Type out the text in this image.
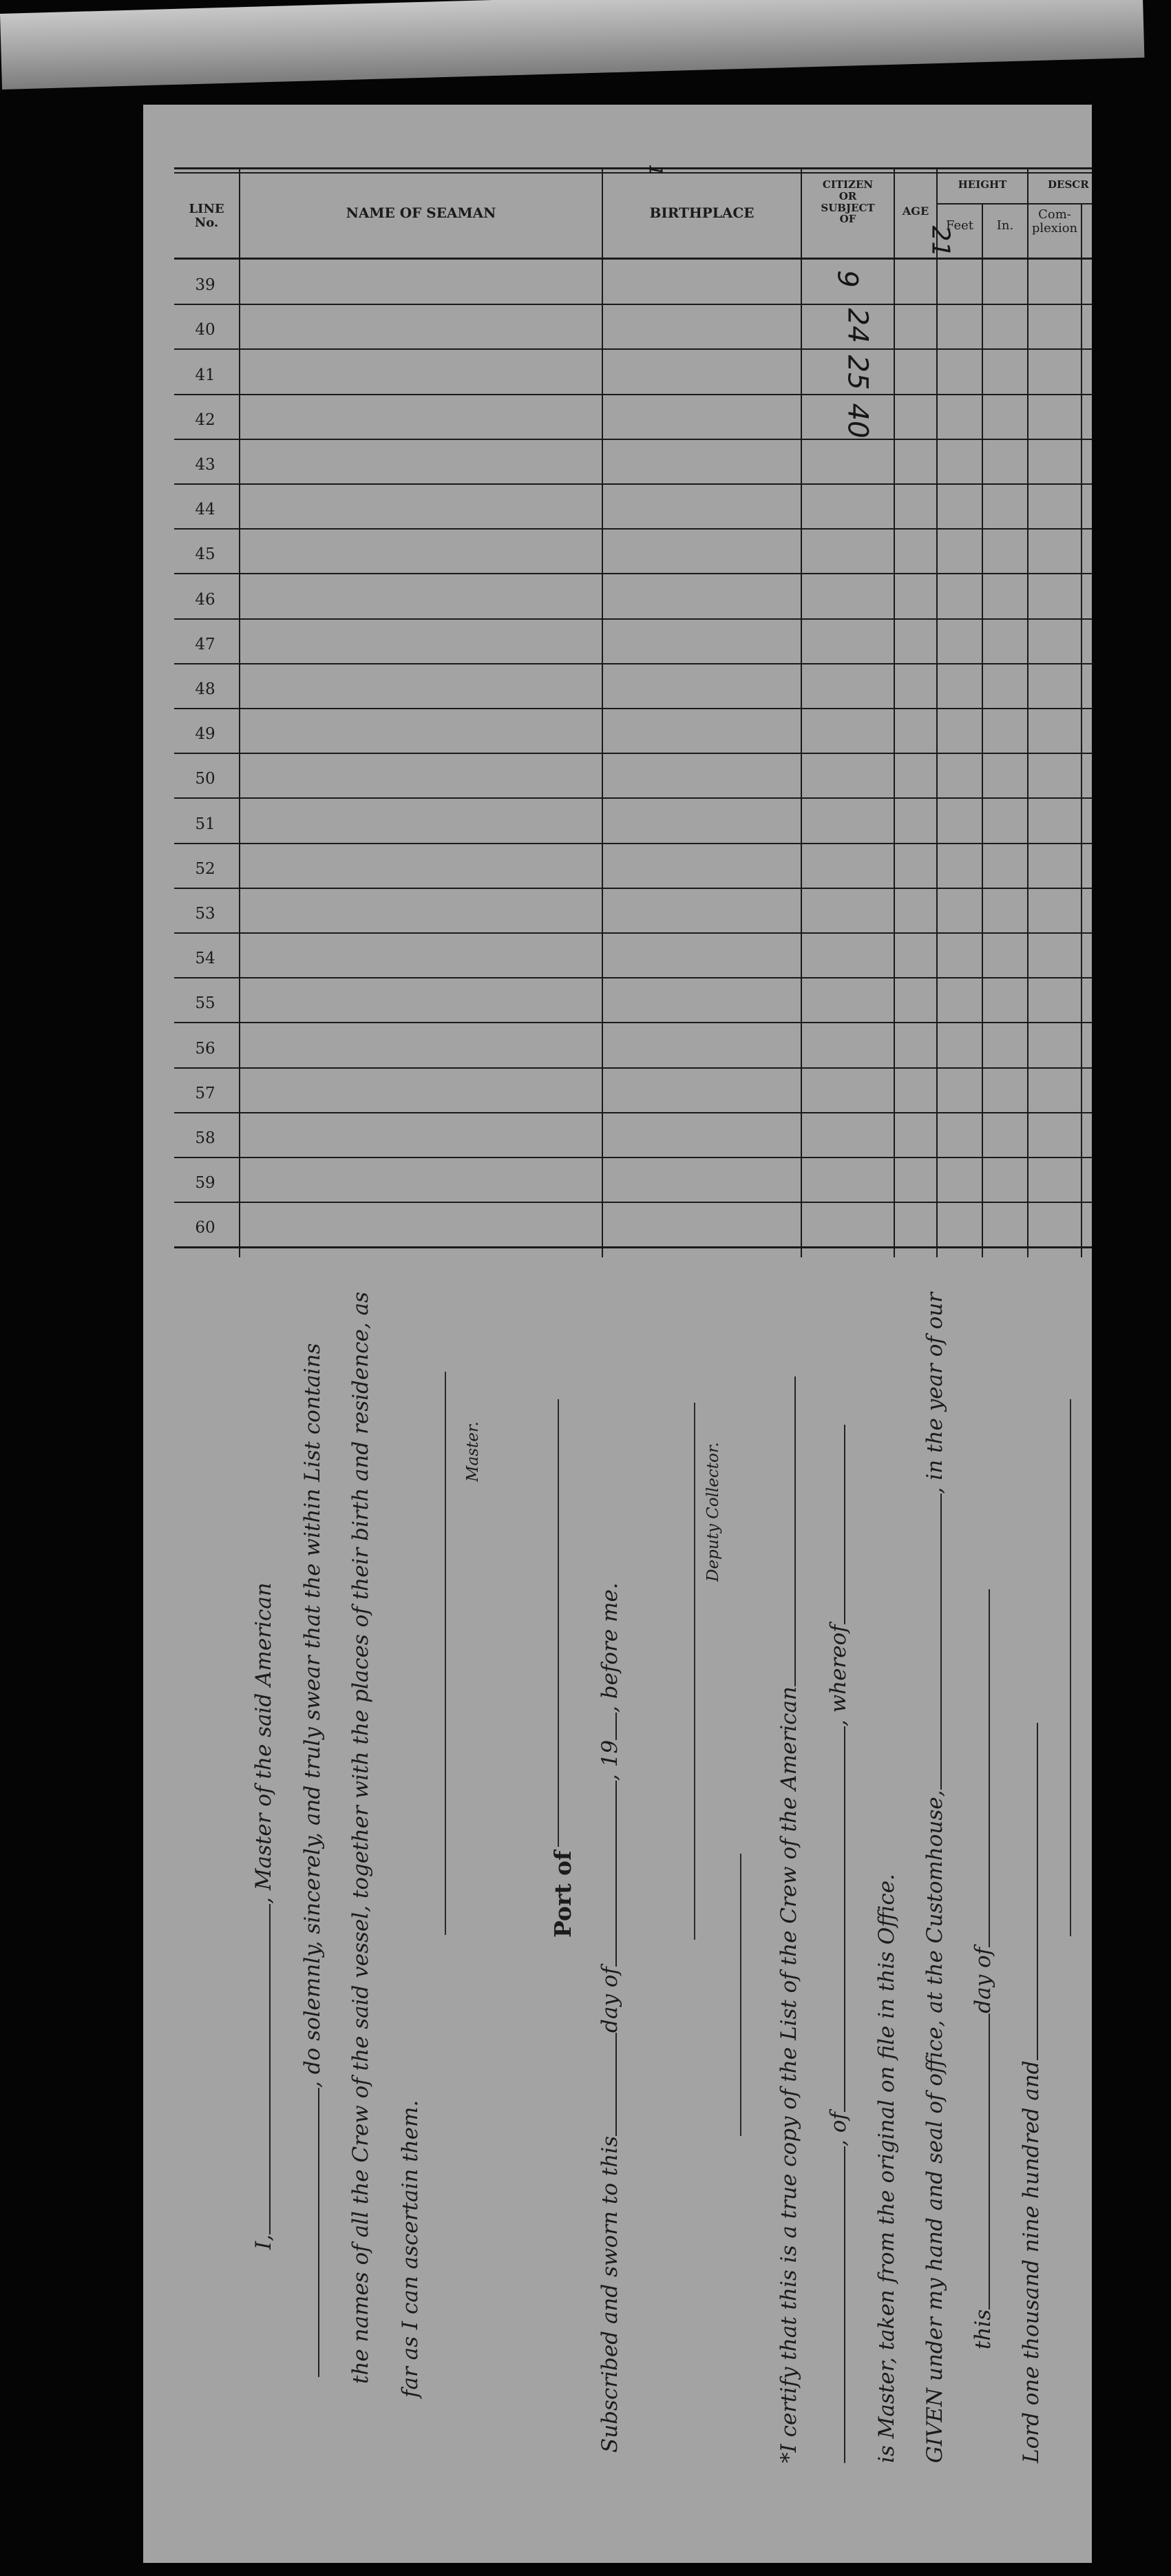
LINE
No.
NAME OF SEAMAN	BIRTHPLACE
CITIZEN
OR
SUBJECT
OF
AGE
HEIGHT
Feet	In.
DESCR
Com-
plexion
39
40
41
42
43
44
45
46
47
48
49
50
51
52
53
54
55
56
57
58
59
60
21
9
24
25
40
1
I,, Master of the said American , do solemnly, sincerely, and truly swear that the within List contains the names of all the Crew of the said vessel, together with the places of their birth and residence, as far as I can ascertain them.
Master.
Port of
Subscribed and sworn to thisday of, 19, before me.
Deputy Collector.
*I certify that this is a true copy of the List of the Crew of the American , of, whereof
is Master, taken from the original on file in this Office. GIVEN under my hand and seal of office, at the Customhouse,, in the year of our
thisday of
Lord one thousand nine hundred and
